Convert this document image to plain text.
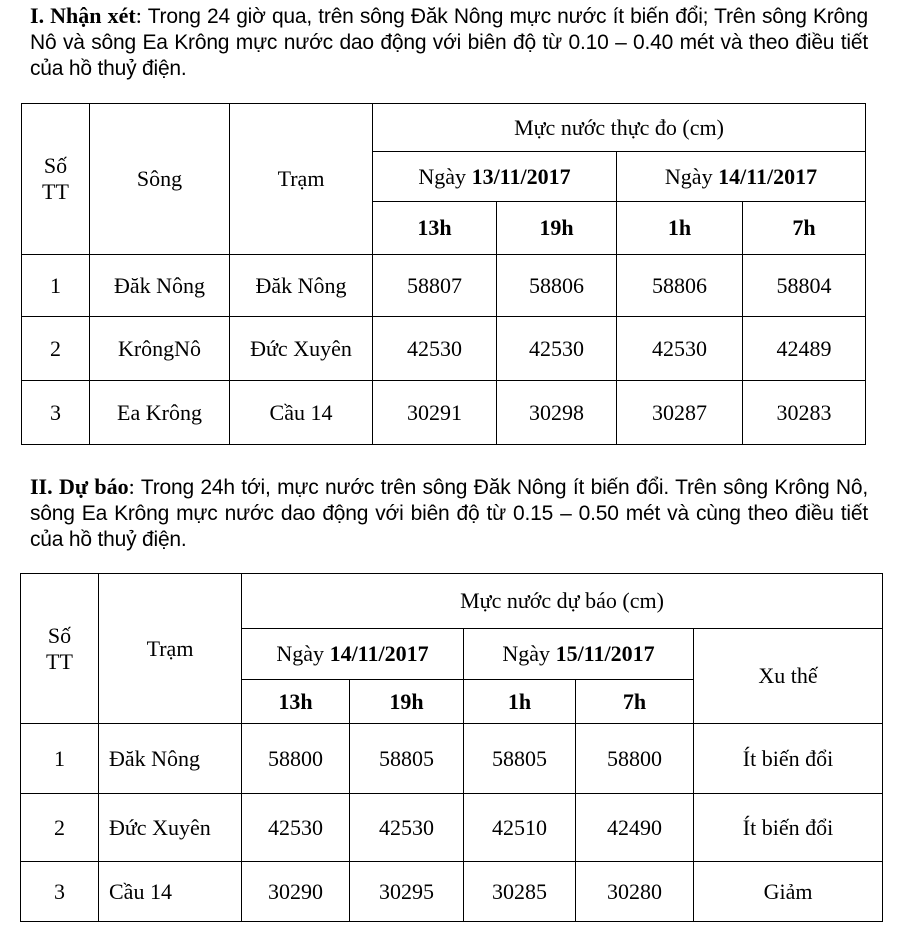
I. Nhận xét: Trong 24 giờ qua, trên sông Đăk Nông mực nước ít biến đổi; Trên sông Krông Nô và sông Ea Krông mực nước dao động với biên độ từ 0.10 – 0.40 mét và theo điều tiết của hồ thuỷ điện.
Số
TT	Sông	Trạm	Mực nước thực đo (cm)			
			Ngày 13/11/2017		Ngày 14/11/2017	
			13h	19h	1h	7h
1	Đăk Nông	Đăk Nông	58807	58806	58806	58804
2	KrôngNô	Đức Xuyên	42530	42530	42530	42489
3	Ea Krông	Cầu 14	30291	30298	30287	30283
II. Dự báo: Trong 24h tới, mực nước trên sông Đăk Nông ít biến đổi. Trên sông Krông Nô, sông Ea Krông mực nước dao động với biên độ từ 0.15 – 0.50 mét và cùng theo điều tiết của hồ thuỷ điện.
Số
TT	Trạm	Mực nước dự báo (cm)				
		Ngày 14/11/2017		Ngày 15/11/2017		Xu thế
		13h	19h	1h	7h	
1	Đăk Nông	58800	58805	58805	58800	Ít biến đổi
2	Đức Xuyên	42530	42530	42510	42490	Ít biến đổi
3	Cầu 14	30290	30295	30285	30280	Giảm
